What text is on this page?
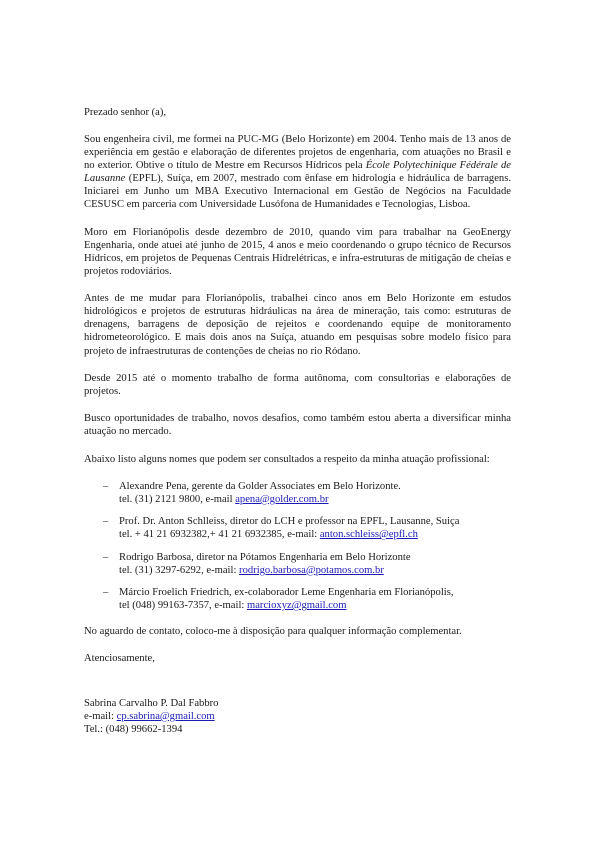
Prezado senhor (a),

Sou engenheira civil, me formei na PUC-MG (Belo Horizonte) em 2004. Tenho mais de 13 anos de experiência em gestão e elaboração de diferentes projetos de engenharia, com atuações no Brasil e no exterior. Obtive o título de Mestre em Recursos Hídricos pela École Polytechinique Fédérale de Lausanne (EPFL), Suíça, em 2007, mestrado com ênfase em hidrologia e hidráulica de barragens. Iniciarei em Junho um MBA Executivo Internacional em Gestão de Negócios na Faculdade CESUSC em parceria com Universidade Lusófona de Humanidades e Tecnologias, Lisboa.

Moro em Florianópolis desde dezembro de 2010, quando vim para trabalhar na GeoEnergy Engenharia, onde atuei até junho de 2015, 4 anos e meio coordenando o grupo técnico de Recursos Hídricos, em projetos de Pequenas Centrais Hidrelétricas, e infra-estruturas de mitigação de cheias e projetos rodoviários.

Antes de me mudar para Florianópolis, trabalhei cinco anos em Belo Horizonte em estudos hidrológicos e projetos de estruturas hidráulicas na área de mineração, tais como: estruturas de drenagens, barragens de deposição de rejeitos e coordenando equipe de monitoramento hidrometeorológico. E mais dois anos na Suíça, atuando em pesquisas sobre modelo físico para projeto de infraestruturas de contenções de cheias no rio Ródano.

Desde 2015 até o momento trabalho de forma autônoma, com consultorias e elaborações de projetos.

Busco oportunidades de trabalho, novos desafios, como também estou aberta a diversificar minha atuação no mercado.

Abaixo listo alguns nomes que podem ser consultados a respeito da minha atuação profissional:

– Alexandre Pena, gerente da Golder Associates em Belo Horizonte.
tel. (31) 2121 9800, e-mail apena@golder.com.br
– Prof. Dr. Anton Schlleiss, diretor do LCH e professor na EPFL, Lausanne, Suiça
tel. + 41 21 6932382,+ 41 21 6932385, e-mail: anton.schleiss@epfl.ch
– Rodrigo Barbosa, diretor na Pótamos Engenharia em Belo Horizonte
tel. (31) 3297-6292, e-mail: rodrigo.barbosa@potamos.com.br
– Márcio Froelich Friedrich, ex-colaborador Leme Engenharia em Florianópolis,
tel (048) 99163-7357, e-mail: marcioxyz@gmail.com

No aguardo de contato, coloco-me à disposição para qualquer informação complementar.

Atenciosamente,

Sabrina Carvalho P. Dal Fabbro
e-mail: cp.sabrina@gmail.com
Tel.: (048) 99662-1394
